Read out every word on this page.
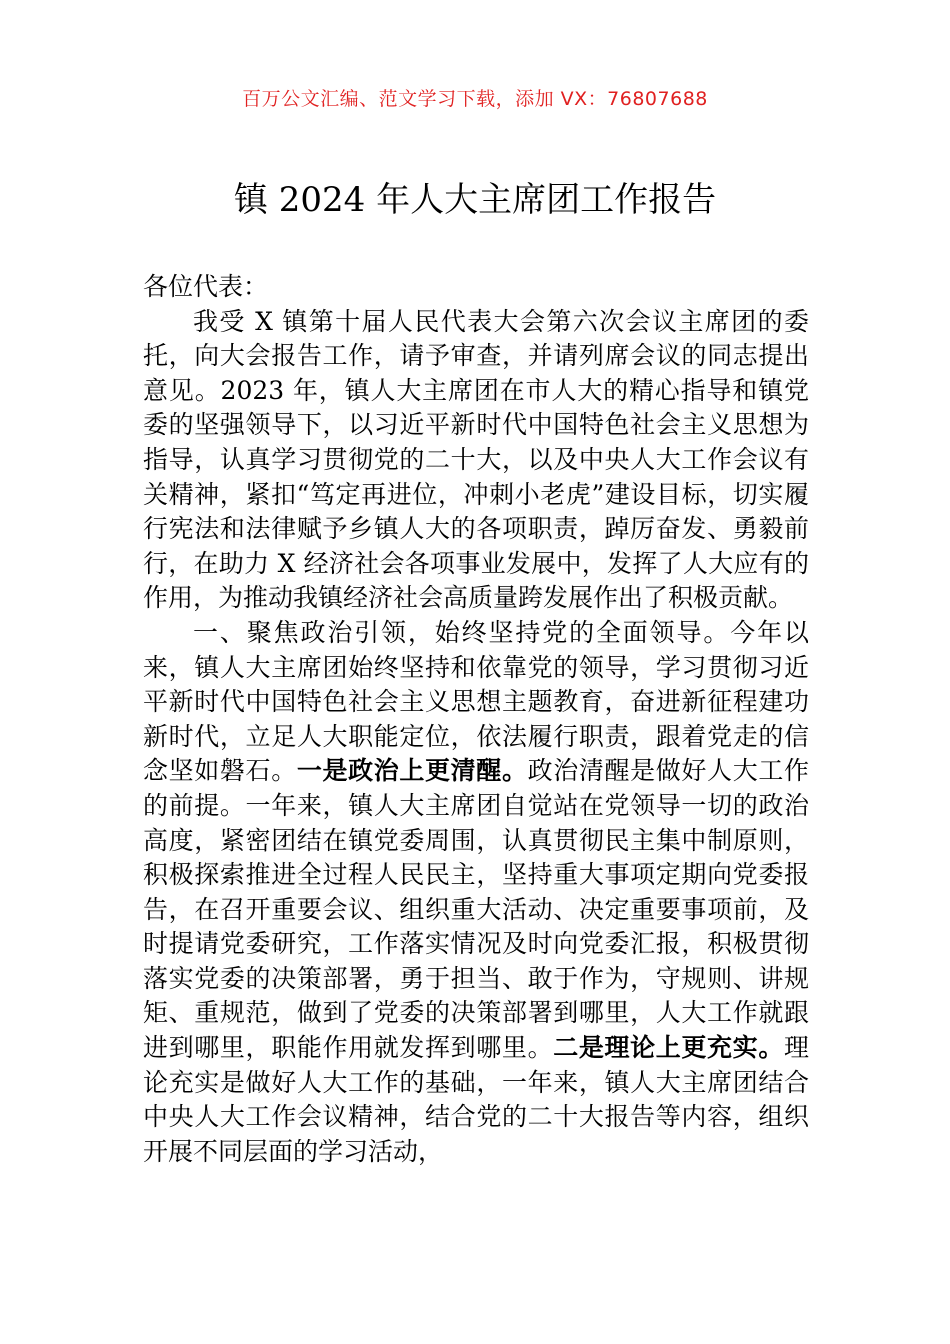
百万公文汇编、范文学习下载，添加 VX：76807688
镇 2024 年人大主席团工作报告

各位代表：

我受 X 镇第十届人民代表大会第六次会议主席团的委托，向大会报告工作，请予审查，并请列席会议的同志提出意见。2023 年，镇人大主席团在市人大的精心指导和镇党委的坚强领导下，以习近平新时代中国特色社会主义思想为指导，认真学习贯彻党的二十大，以及中央人大工作会议有关精神，紧扣“笃定再进位，冲刺小老虎”建设目标，切实履行宪法和法律赋予乡镇人大的各项职责，踔厉奋发、勇毅前行，在助力 X 经济社会各项事业发展中，发挥了人大应有的作用，为推动我镇经济社会高质量跨发展作出了积极贡献。

一、聚焦政治引领，始终坚持党的全面领导。今年以来，镇人大主席团始终坚持和依靠党的领导，学习贯彻习近平新时代中国特色社会主义思想主题教育，奋进新征程建功新时代，立足人大职能定位，依法履行职责，跟着党走的信念坚如磐石。一是政治上更清醒。政治清醒是做好人大工作的前提。一年来，镇人大主席团自觉站在党领导一切的政治高度，紧密团结在镇党委周围，认真贯彻民主集中制原则，积极探索推进全过程人民民主，坚持重大事项定期向党委报告，在召开重要会议、组织重大活动、决定重要事项前，及时提请党委研究，工作落实情况及时向党委汇报，积极贯彻落实党委的决策部署，勇于担当、敢于作为，守规则、讲规矩、重规范，做到了党委的决策部署到哪里，人大工作就跟进到哪里，职能作用就发挥到哪里。二是理论上更充实。理论充实是做好人大工作的基础，一年来，镇人大主席团结合中央人大工作会议精神，结合党的二十大报告等内容，组织开展不同层面的学习活动，
